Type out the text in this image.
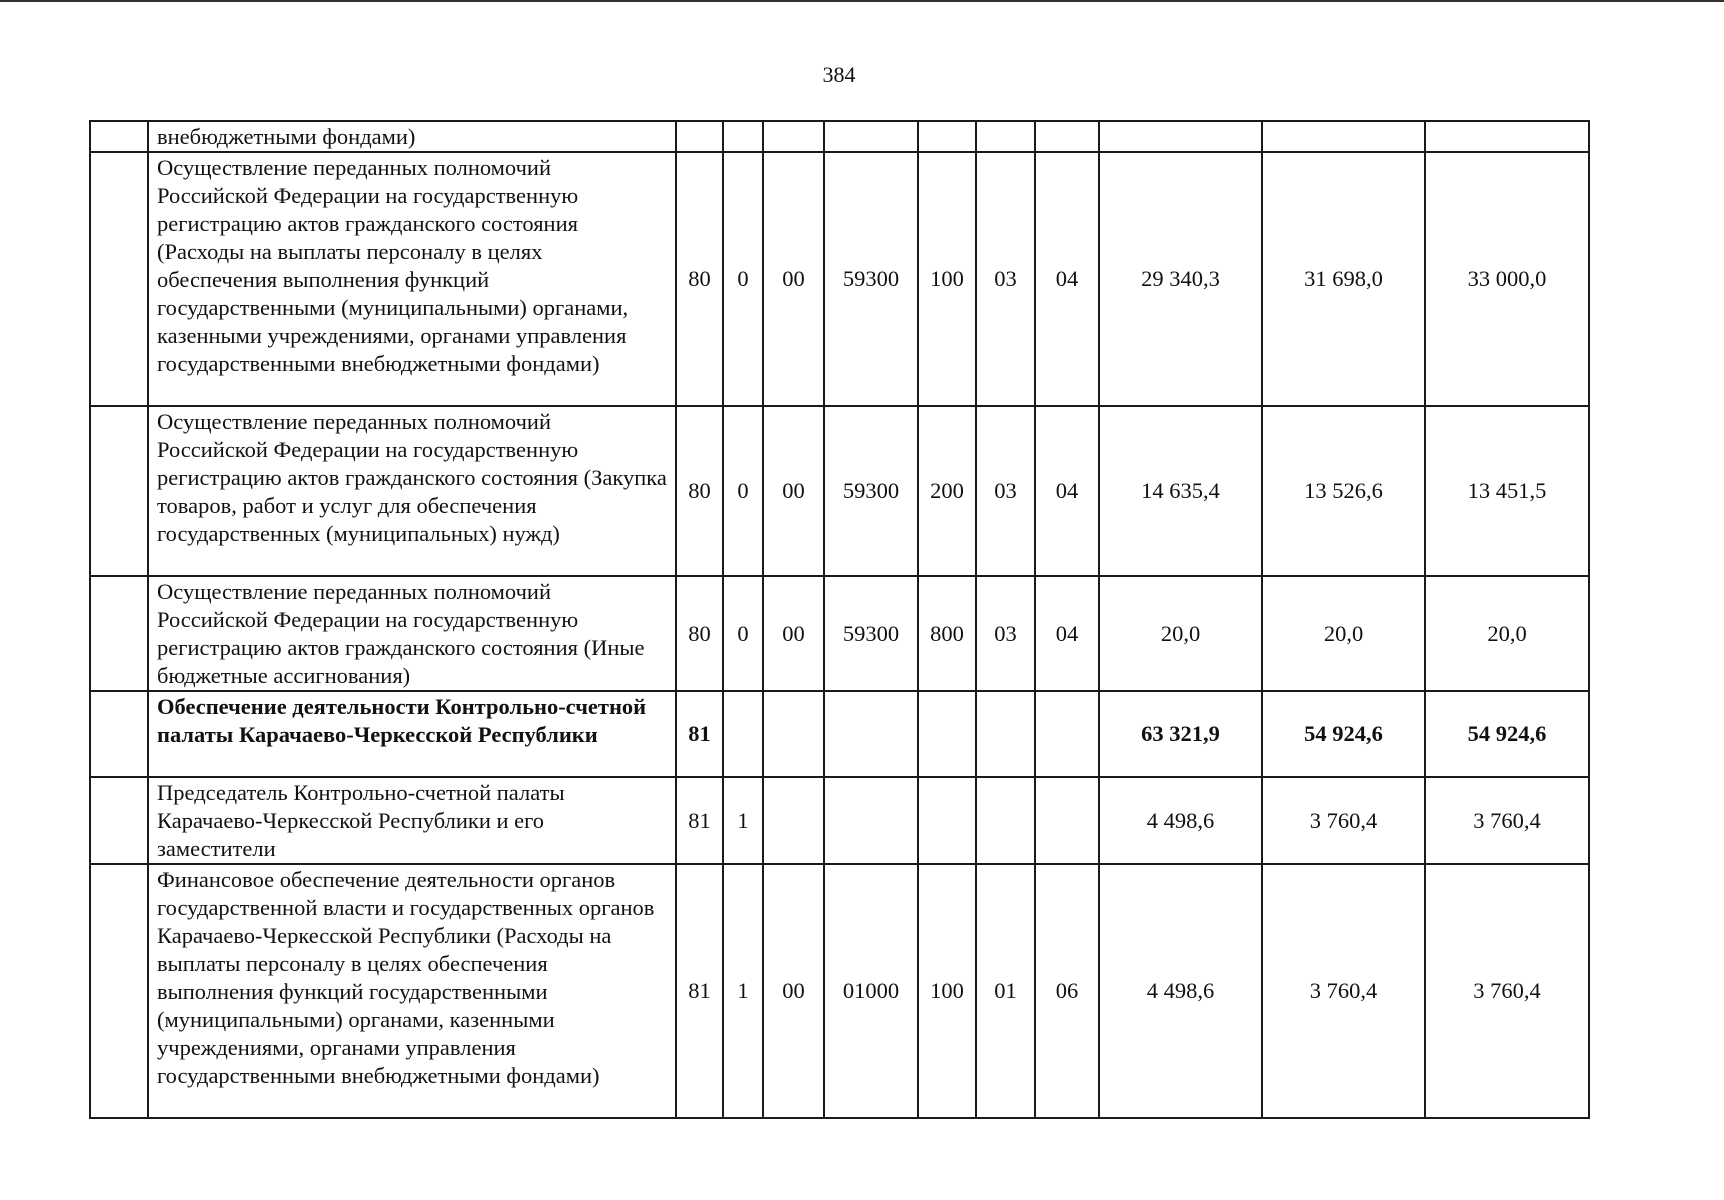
384
	внебюджетными фондами)										
	Осуществление переданных полномочий Российской Федерации на государственную регистрацию актов гражданского состояния (Расходы на выплаты персоналу в целях обеспечения выполнения функций государственными (муниципальными) органами, казенными учреждениями, органами управления государственными внебюджетными фондами)	80	0	00	59300	100	03	04	29 340,3	31 698,0	33 000,0
	Осуществление переданных полномочий Российской Федерации на государственную регистрацию актов гражданского состояния (Закупка товаров, работ и услуг для обеспечения государственных (муниципальных) нужд)	80	0	00	59300	200	03	04	14 635,4	13 526,6	13 451,5
	Осуществление переданных полномочий Российской Федерации на государственную регистрацию актов гражданского состояния (Иные бюджетные ассигнования)	80	0	00	59300	800	03	04	20,0	20,0	20,0
	Обеспечение деятельности Контрольно-счетной палаты Карачаево-Черкесской Республики	81							63 321,9	54 924,6	54 924,6
	Председатель Контрольно-счетной палаты Карачаево-Черкесской Республики и его заместители	81	1						4 498,6	3 760,4	3 760,4
	Финансовое обеспечение деятельности органов государственной власти и государственных органов Карачаево-Черкесской Республики (Расходы на выплаты персоналу в целях обеспечения выполнения функций государственными (муниципальными) органами, казенными учреждениями, органами управления государственными внебюджетными фондами)	81	1	00	01000	100	01	06	4 498,6	3 760,4	3 760,4
